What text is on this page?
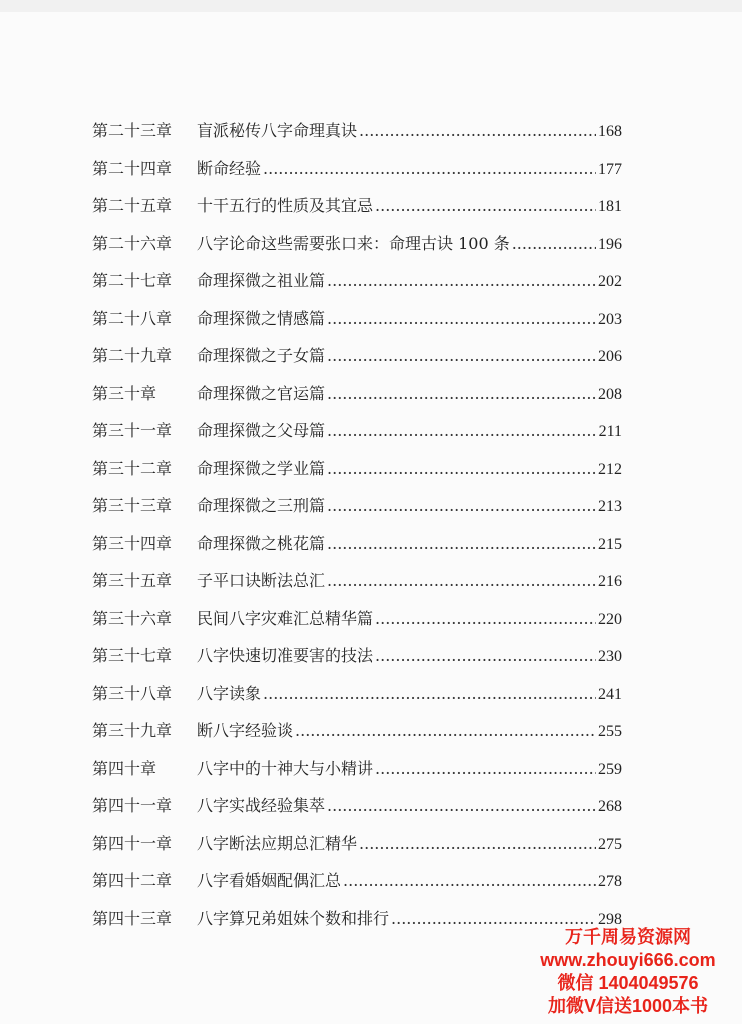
第二十三章	盲派秘传八字命理真诀 .....	168
第二十四章	断命经验 .....	177
第二十五章	十干五行的性质及其宜忌 .....	181
第二十六章	八字论命这些需要张口来：命理古诀 100 条 .....	196
第二十七章	命理探微之祖业篇 .....	202
第二十八章	命理探微之情感篇 .....	203
第二十九章	命理探微之子女篇 .....	206
第三十章	命理探微之官运篇 .....	208
第三十一章	命理探微之父母篇 .....	211
第三十二章	命理探微之学业篇 .....	212
第三十三章	命理探微之三刑篇 .....	213
第三十四章	命理探微之桃花篇 .....	215
第三十五章	子平口诀断法总汇 .....	216
第三十六章	民间八字灾难汇总精华篇 .....	220
第三十七章	八字快速切准要害的技法 .....	230
第三十八章	八字读象 .....	241
第三十九章	断八字经验谈 .....	255
第四十章	八字中的十神大与小精讲 .....	259
第四十一章	八字实战经验集萃 .....	268
第四十一章	八字断法应期总汇精华 .....	275
第四十二章	八字看婚姻配偶汇总 .....	278
第四十三章	八字算兄弟姐妹个数和排行 .....	298
万千周易资源网
www.zhouyi666.com
微信 1404049576
加微V信送1000本书
